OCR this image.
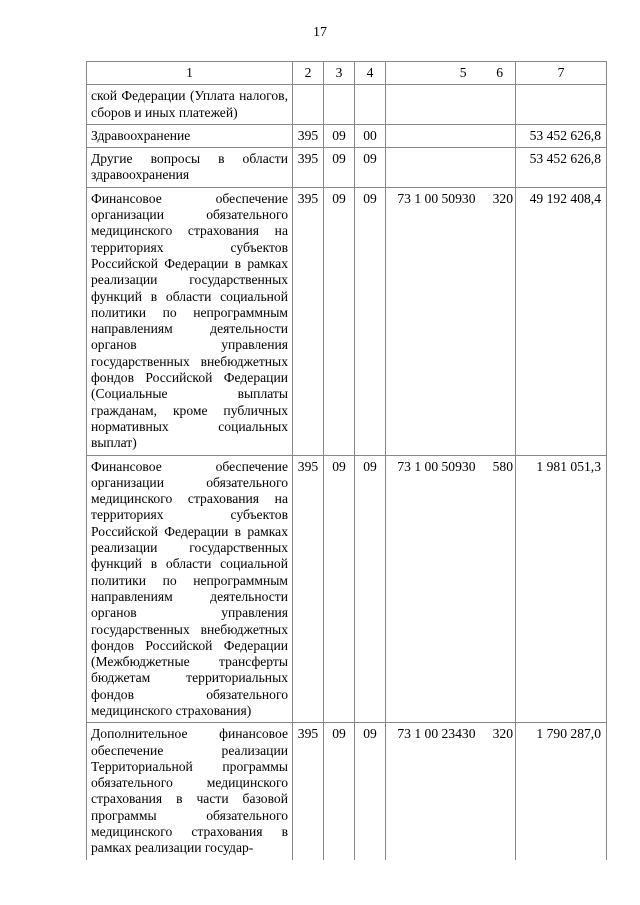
17
1	2	3	4	5	6	7
ской Федерации (Уплата налогов, сборов и иных платежей)						
Здравоохранение	395	09	00			53 452 626,8
Другие вопросы в области здравоохранения	395	09	09			53 452 626,8
Финансовое обеспечение организации обязательного медицинского страхования на территориях субъектов Российской Федерации в рамках реализации государственных функций в области социальной политики по непрограммным направлениям деятельности органов управления государственных внебюджетных фондов Российской Федерации (Социальные выплаты гражданам, кроме публичных нормативных социальных выплат)	395	09	09	73 1 00 50930	320	49 192 408,4
Финансовое обеспечение организации обязательного медицинского страхования на территориях субъектов Российской Федерации в рамках реализации государственных функций в области социальной политики по непрограммным направлениям деятельности органов управления государственных внебюджетных фондов Российской Федерации (Межбюджетные трансферты бюджетам территориальных фондов обязательного медицинского страхования)	395	09	09	73 1 00 50930	580	1 981 051,3
Дополнительное финансовое обеспечение реализации Территориальной программы обязательного медицинского страхования в части базовой программы обязательного медицинского страхования в рамках реализации государ-	395	09	09	73 1 00 23430	320	1 790 287,0
